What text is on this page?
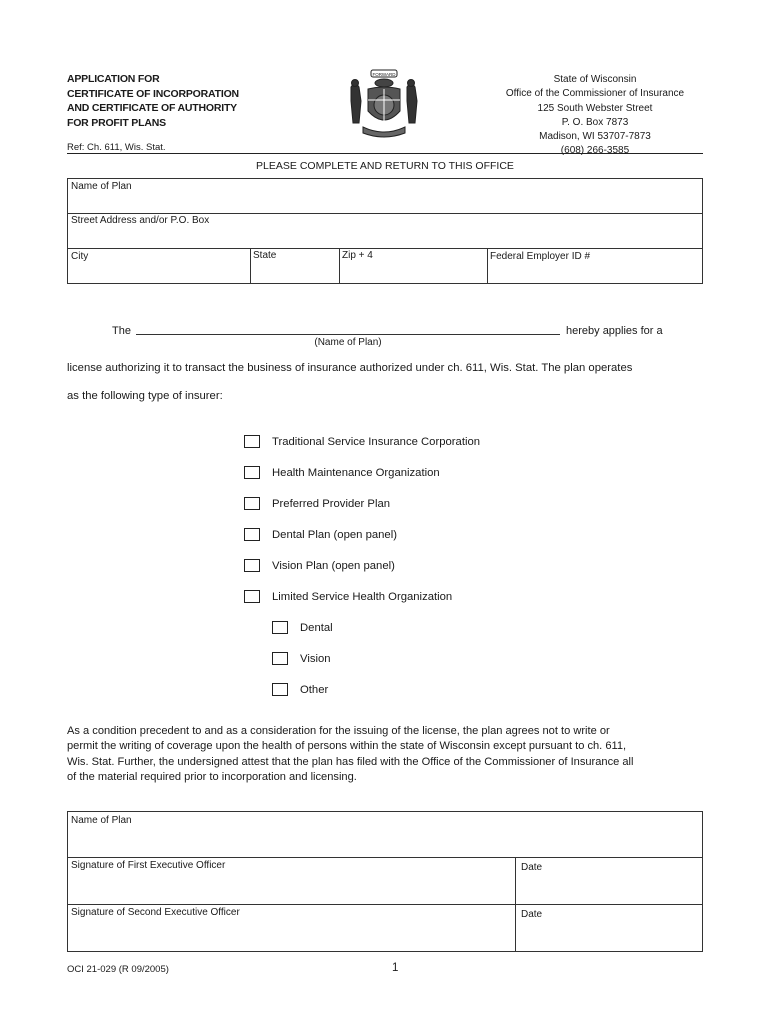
APPLICATION FOR
CERTIFICATE OF INCORPORATION
AND CERTIFICATE OF AUTHORITY
FOR PROFIT PLANS
Ref: Ch. 611, Wis. Stat.
FORWARD	State of Wisconsin
Office of the Commissioner of Insurance
125 South Webster Street
P. O. Box 7873
Madison, WI 53707-7873
(608) 266-3585
PLEASE COMPLETE AND RETURN TO THIS OFFICE
Name of Plan
Street Address and/or P.O. Box
City	State	Zip + 4	Federal Employer ID #
The
(Name of Plan)
hereby applies for a
license authorizing it to transact the business of insurance authorized under ch. 611, Wis. Stat. The plan operates
as the following type of insurer:
Traditional Service Insurance Corporation
Health Maintenance Organization
Preferred Provider Plan
Dental Plan (open panel)
Vision Plan (open panel)
Limited Service Health Organization
Dental
Vision
Other
As a condition precedent to and as a consideration for the issuing of the license, the plan agrees not to write or
permit the writing of coverage upon the health of persons within the state of Wisconsin except pursuant to ch. 611,
Wis. Stat. Further, the undersigned attest that the plan has filed with the Office of the Commissioner of Insurance all
of the material required prior to incorporation and licensing.
Name of Plan
Signature of First Executive Officer	Date
Signature of Second Executive Officer	Date
OCI 21-029 (R 09/2005)	1
